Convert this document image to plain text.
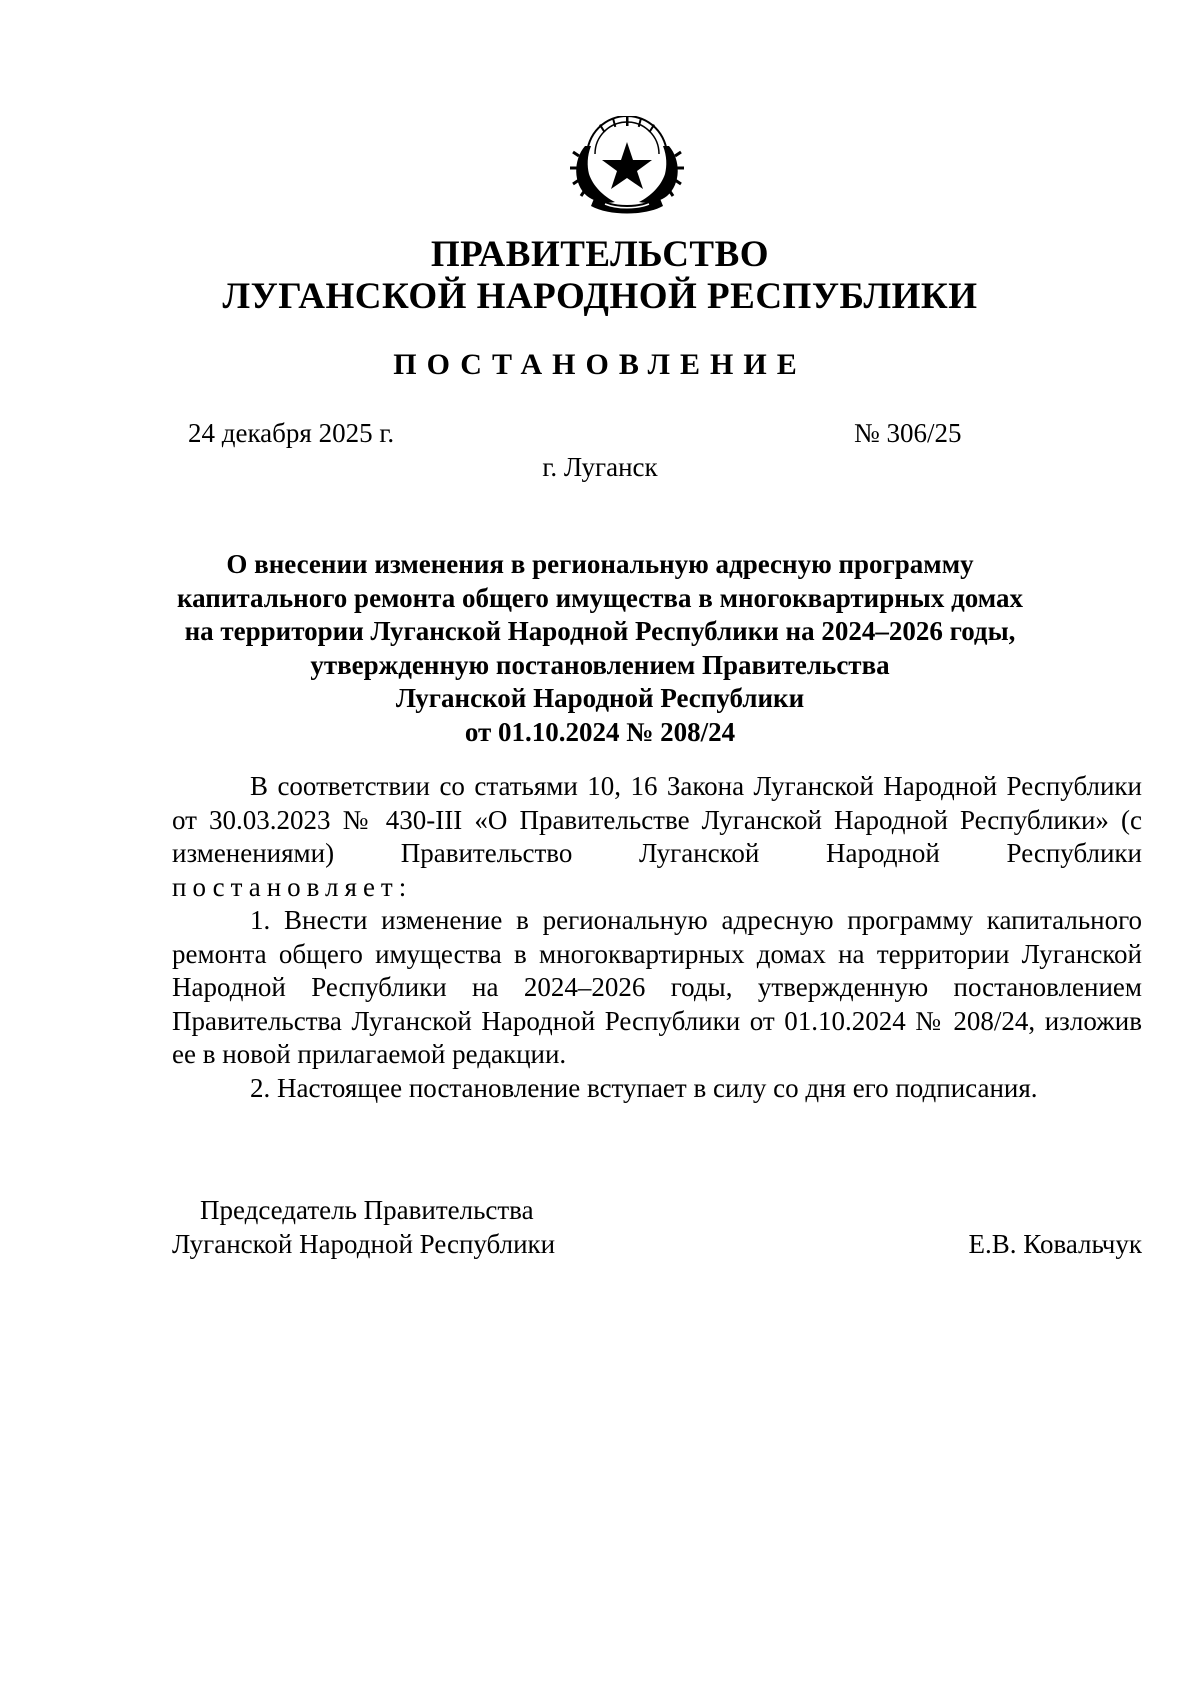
ПРАВИТЕЛЬСТВО
ЛУГАНСКОЙ НАРОДНОЙ РЕСПУБЛИКИ
ПОСТАНОВЛЕНИЕ
24 декабря 2025 г.	№ 306/25
г. Луганск
О внесении изменения в региональную адресную программу
капитального ремонта общего имущества в многоквартирных домах
на территории Луганской Народной Республики на 2024–2026 годы,
утвержденную постановлением Правительства
Луганской Народной Республики
от 01.10.2024 № 208/24

В соответствии со статьями 10, 16 Закона Луганской Народной Республики от 30.03.2023 № 430-III «О Правительстве Луганской Народной Республики» (с изменениями) Правительство Луганской Народной Республики постановляет:

1. Внести изменение в региональную адресную программу капитального ремонта общего имущества в многоквартирных домах на территории Луганской Народной Республики на 2024–2026 годы, утвержденную постановлением Правительства Луганской Народной Республики от 01.10.2024 № 208/24, изложив ее в новой прилагаемой редакции.

2. Настоящее постановление вступает в силу со дня его подписания.

Председатель Правительства
Луганской Народной Республики	Е.В. Ковальчук
